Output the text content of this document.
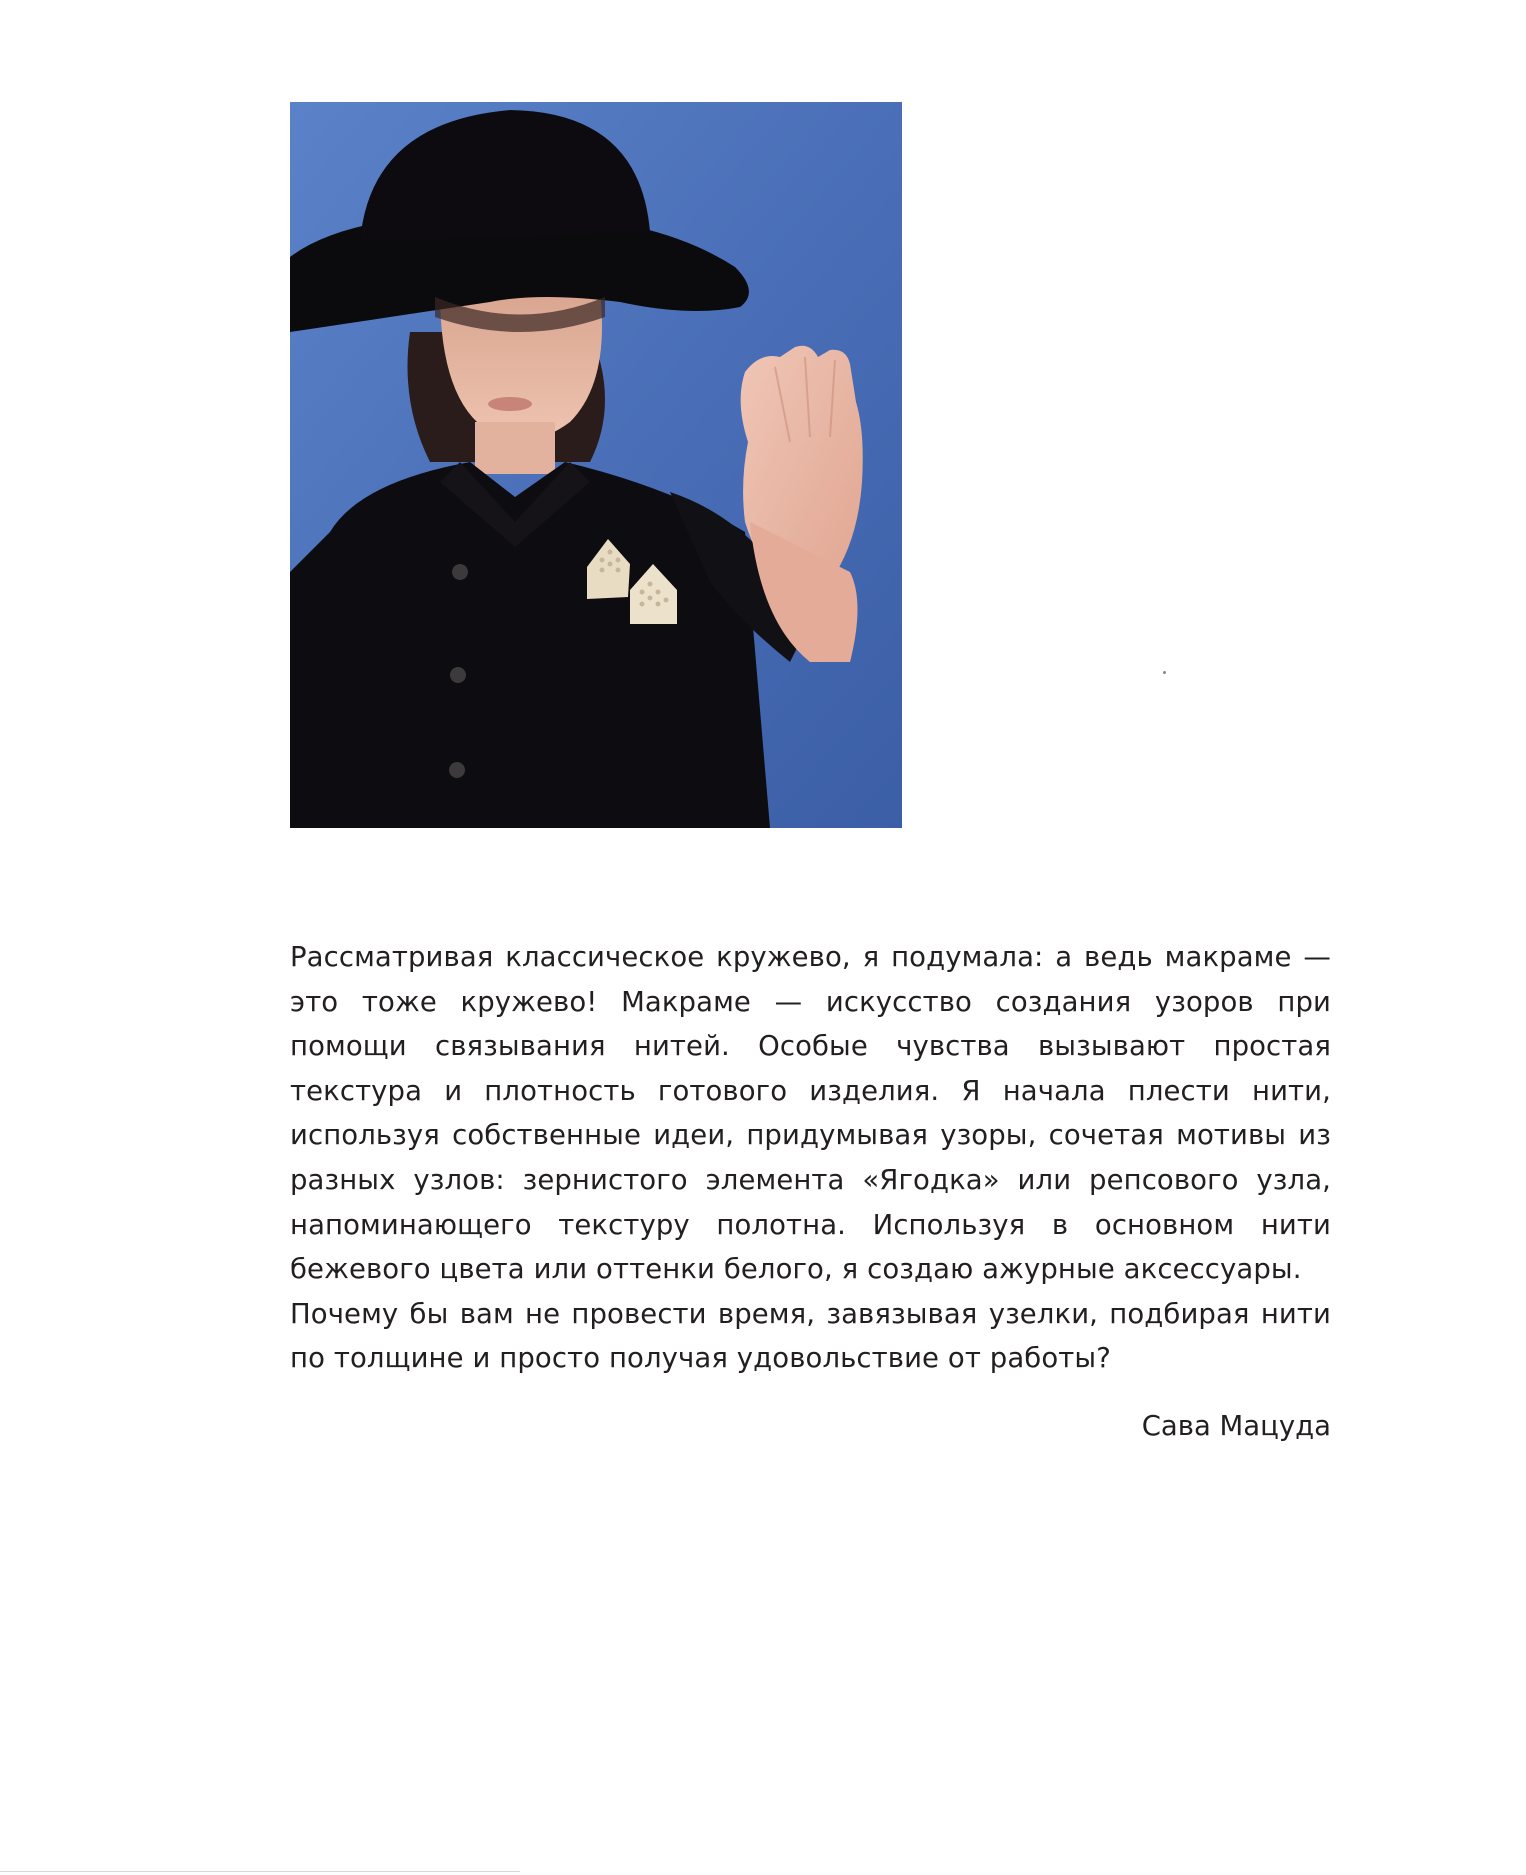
Рассматривая классическое кружево, я подумала: а ведь макраме — это тоже кружево! Макраме — искусство создания узоров при помощи связывания нитей. Особые чувства вызывают простая текстура и плотность готового изделия. Я начала плести нити, используя собственные идеи, придумывая узоры, сочетая мотивы из разных узлов: зернистого элемента «Ягодка» или репсового узла, напоминающего текстуру полотна. Используя в основном нити бежевого цвета или оттенки белого, я создаю ажурные аксессуары.

Почему бы вам не провести время, завязывая узелки, подбирая нити по толщине и просто получая удовольствие от работы?

Сава Мацуда
